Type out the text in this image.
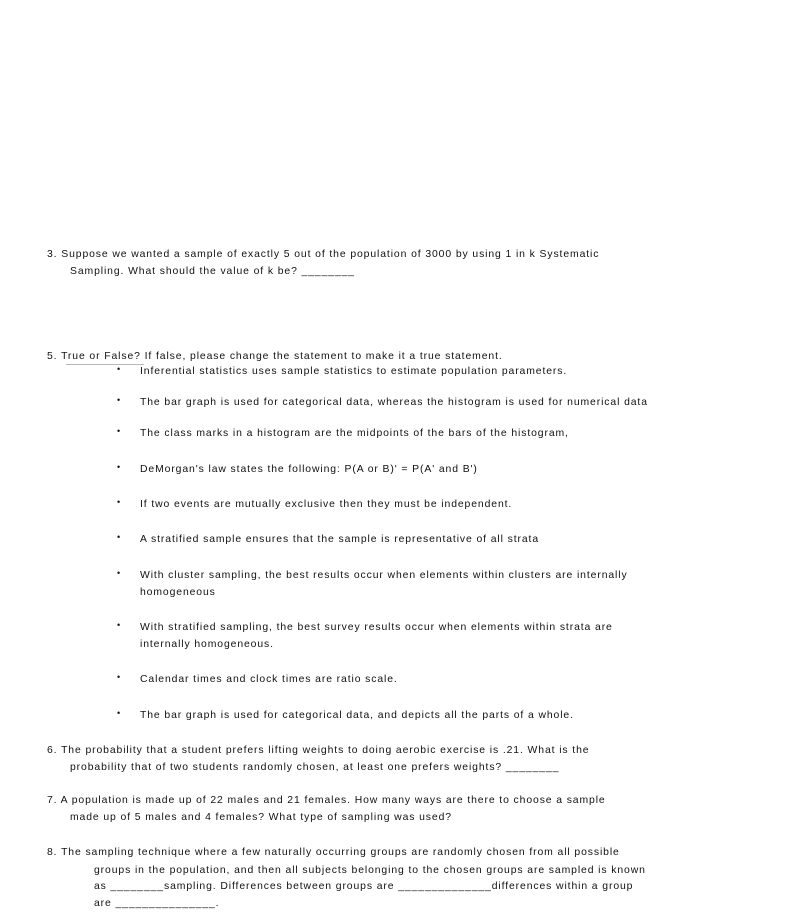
3. Suppose we wanted a sample of exactly 5 out of the population of 3000 by using 1 in k Systematic
Sampling. What should the value of k be? ________
5. True or False? If false, please change the statement to make it a true statement.
• Inferential statistics uses sample statistics to estimate population parameters.
• The bar graph is used for categorical data, whereas the histogram is used for numerical data
• The class marks in a histogram are the midpoints of the bars of the histogram,
• DeMorgan's law states the following: P(A or B)' = P(A' and B')
• If two events are mutually exclusive then they must be independent.
• A stratified sample ensures that the sample is representative of all strata
• With cluster sampling, the best results occur when elements within clusters are internally
homogeneous
• With stratified sampling, the best survey results occur when elements within strata are
internally homogeneous.
• Calendar times and clock times are ratio scale.
• The bar graph is used for categorical data, and depicts all the parts of a whole.
6. The probability that a student prefers lifting weights to doing aerobic exercise is .21. What is the
probability that of two students randomly chosen, at least one prefers weights? ________
7. A population is made up of 22 males and 21 females. How many ways are there to choose a sample
made up of 5 males and 4 females? What type of sampling was used?
8. The sampling technique where a few naturally occurring groups are randomly chosen from all possible
groups in the population, and then all subjects belonging to the chosen groups are sampled is known
as ________sampling. Differences between groups are ______________differences within a group
are _______________.
